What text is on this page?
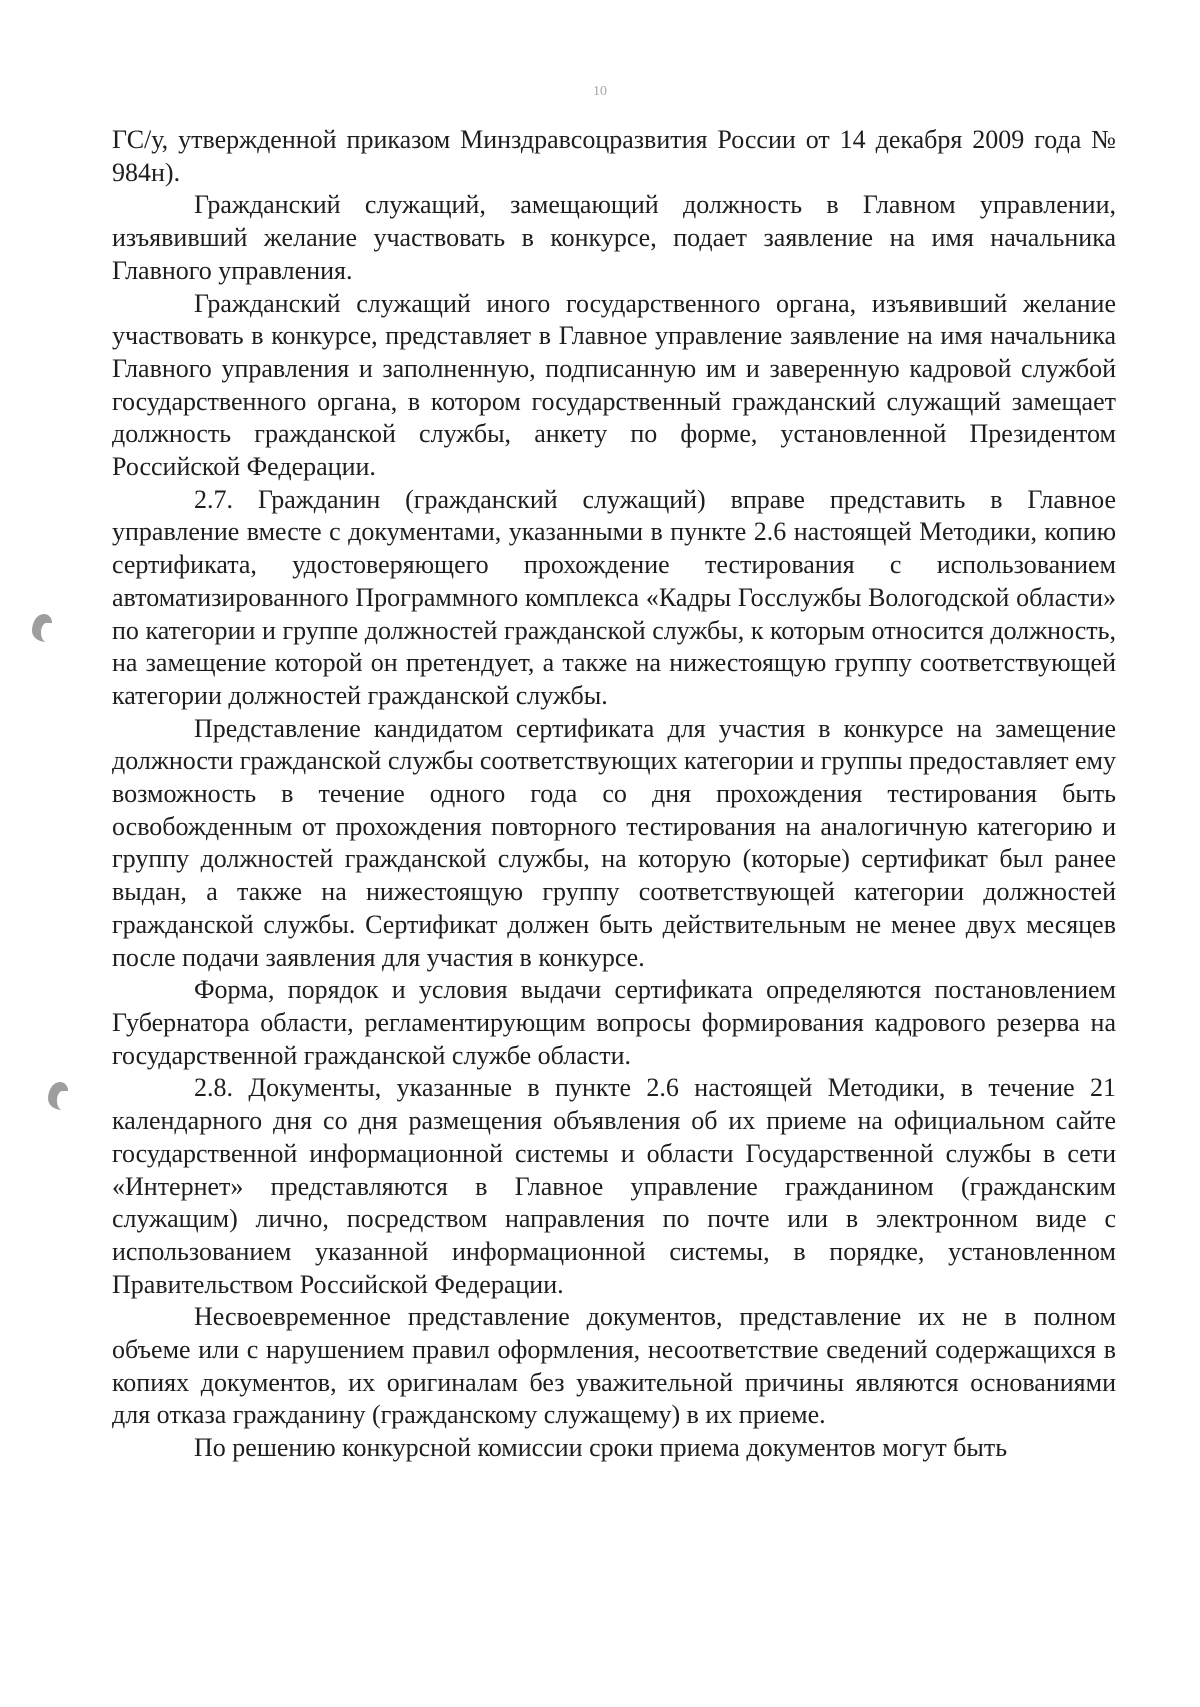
10

ГС/у, утвержденной приказом Минздравсоцразвития России от 14 декабря 2009 года № 984н).

Гражданский служащий, замещающий должность в Главном управлении, изъявивший желание участвовать в конкурсе, подает заявление на имя начальника Главного управления.

Гражданский служащий иного государственного органа, изъявивший желание участвовать в конкурсе, представляет в Главное управление заявление на имя начальника Главного управления и заполненную, подписанную им и заверенную кадровой службой государственного органа, в котором государственный гражданский служащий замещает должность гражданской службы, анкету по форме, установленной Президентом Российской Федерации.

2.7. Гражданин (гражданский служащий) вправе представить в Главное управление вместе с документами, указанными в пункте 2.6 настоящей Методики, копию сертификата, удостоверяющего прохождение тестирования с использованием автоматизированного Программного комплекса «Кадры Госслужбы Вологодской области» по категории и группе должностей гражданской службы, к которым относится должность, на замещение которой он претендует, а также на нижестоящую группу соответствующей категории должностей гражданской службы.

Представление кандидатом сертификата для участия в конкурсе на замещение должности гражданской службы соответствующих категории и группы предоставляет ему возможность в течение одного года со дня прохождения тестирования быть освобожденным от прохождения повторного тестирования на аналогичную категорию и группу должностей гражданской службы, на которую (которые) сертификат был ранее выдан, а также на нижестоящую группу соответствующей категории должностей гражданской службы. Сертификат должен быть действительным не менее двух месяцев после подачи заявления для участия в конкурсе.

Форма, порядок и условия выдачи сертификата определяются постановлением Губернатора области, регламентирующим вопросы формирования кадрового резерва на государственной гражданской службе области.

2.8. Документы, указанные в пункте 2.6 настоящей Методики, в течение 21 календарного дня со дня размещения объявления об их приеме на официальном сайте государственной информационной системы и области Государственной службы в сети «Интернет» представляются в Главное управление гражданином (гражданским служащим) лично, посредством направления по почте или в электронном виде с использованием указанной информационной системы, в порядке, установленном Правительством Российской Федерации.

Несвоевременное представление документов, представление их не в полном объеме или с нарушением правил оформления, несоответствие сведений содержащихся в копиях документов, их оригиналам без уважительной причины являются основаниями для отказа гражданину (гражданскому служащему) в их приеме.

По решению конкурсной комиссии сроки приема документов могут быть
